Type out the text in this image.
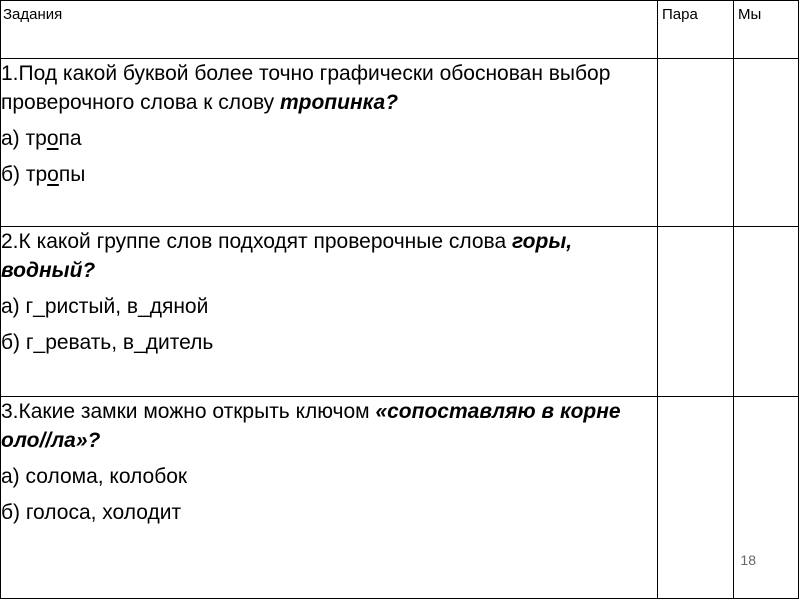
Задания	Пара	Мы

1.Под какой буквой более точно графически обоснован выбор проверочного слова к слову тропинка?

а) тропа

б) тропы		

2.К какой группе слов подходят проверочные слова горы, водный?

а) г_ристый, в_дяной

б) г_ревать, в_дитель		

3.Какие замки можно открыть ключом «сопоставляю в корне оло//ла»?

а) солома, колобок

б) голоса, холодит		

18
